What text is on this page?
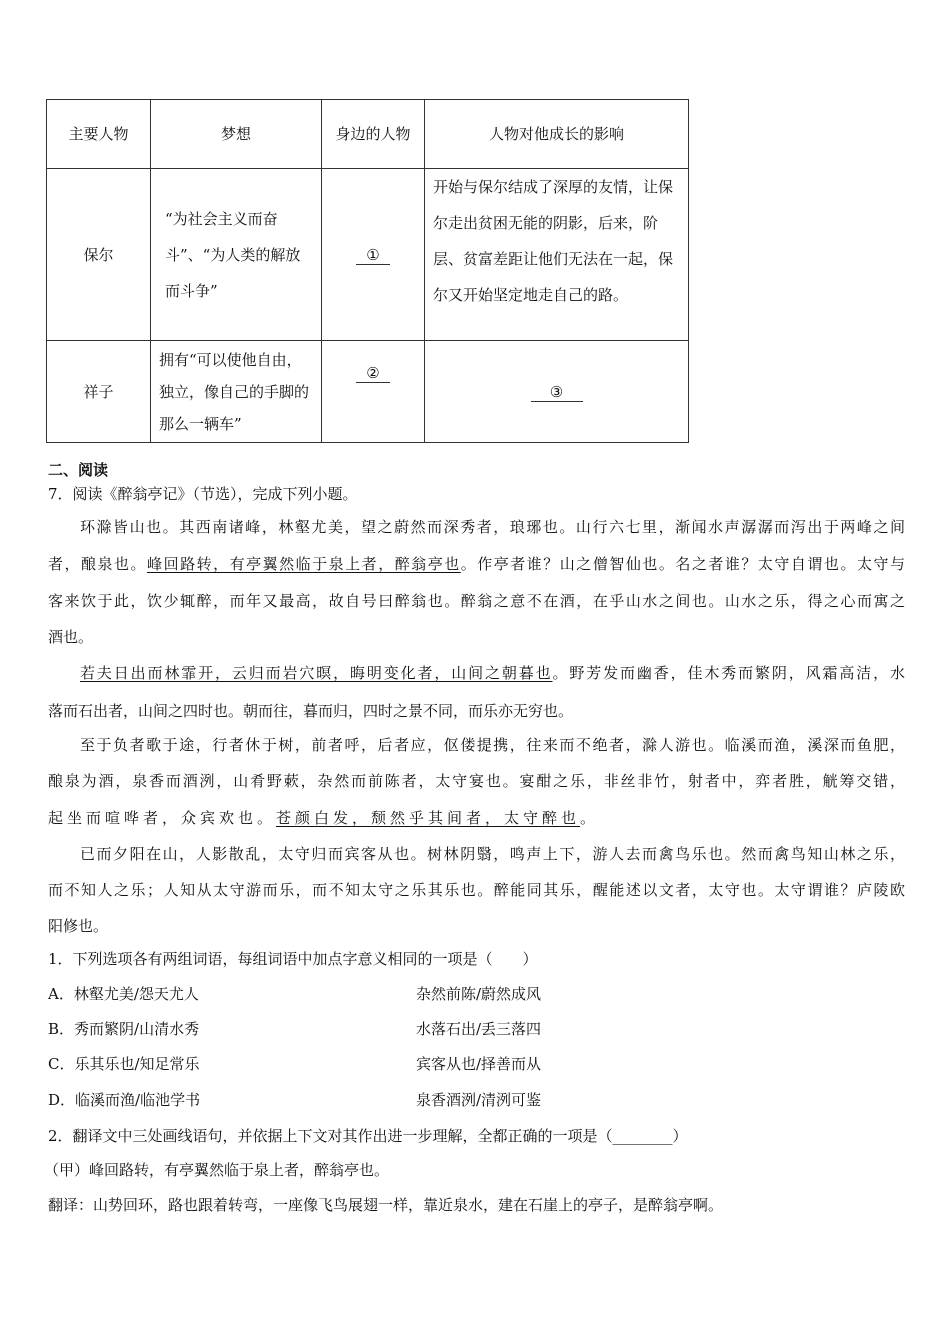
主要人物	梦想	身边的人物	人物对他成长的影响
保尔	“为社会主义而奋斗”、“为人类的解放而斗争”	①	开始与保尔结成了深厚的友情，让保尔走出贫困无能的阴影，后来，阶层、贫富差距让他们无法在一起，保尔又开始坚定地走自己的路。
祥子	拥有“可以使他自由，独立，像自己的手脚的那么一辆车”	②	③
二、阅读
7．阅读《醉翁亭记》（节选），完成下列小题。
环滁皆山也。其西南诸峰，林壑尤美，望之蔚然而深秀者，琅琊也。山行六七里，渐闻水声潺潺而泻出于两峰之间
者，酿泉也。峰回路转，有亭翼然临于泉上者，醉翁亭也。作亭者谁？山之僧智仙也。名之者谁？太守自谓也。太守与
客来饮于此，饮少辄醉，而年又最高，故自号曰醉翁也。醉翁之意不在酒，在乎山水之间也。山水之乐，得之心而寓之
酒也。
若夫日出而林霏开，云归而岩穴暝，晦明变化者，山间之朝暮也。野芳发而幽香，佳木秀而繁阴，风霜高洁，水
落而石出者，山间之四时也。朝而往，暮而归，四时之景不同，而乐亦无穷也。
至于负者歌于途，行者休于树，前者呼，后者应，伛偻提携，往来而不绝者，滁人游也。临溪而渔，溪深而鱼肥，
酿泉为酒，泉香而酒洌，山肴野蔌，杂然而前陈者，太守宴也。宴酣之乐，非丝非竹，射者中，弈者胜，觥筹交错，
起坐而喧哗者，众宾欢也。苍颜白发，颓然乎其间者，太守醉也。
已而夕阳在山，人影散乱，太守归而宾客从也。树林阴翳，鸣声上下，游人去而禽鸟乐也。然而禽鸟知山林之乐，
而不知人之乐；人知从太守游而乐，而不知太守之乐其乐也。醉能同其乐，醒能述以文者，太守也。太守谓谁？庐陵欧
阳修也。
1．下列选项各有两组词语，每组词语中加点字意义相同的一项是（　　）
A．林壑尤美/怨天尤人	杂然前陈/蔚然成风
B．秀而繁阴/山清水秀	水落石出/丢三落四
C．乐其乐也/知足常乐	宾客从也/择善而从
D．临溪而渔/临池学书	泉香酒洌/清洌可鉴
2．翻译文中三处画线语句，并依据上下文对其作出进一步理解，全都正确的一项是（________）
（甲）峰回路转，有亭翼然临于泉上者，醉翁亭也。
翻译：山势回环，路也跟着转弯，一座像飞鸟展翅一样，靠近泉水，建在石崖上的亭子，是醉翁亭啊。
